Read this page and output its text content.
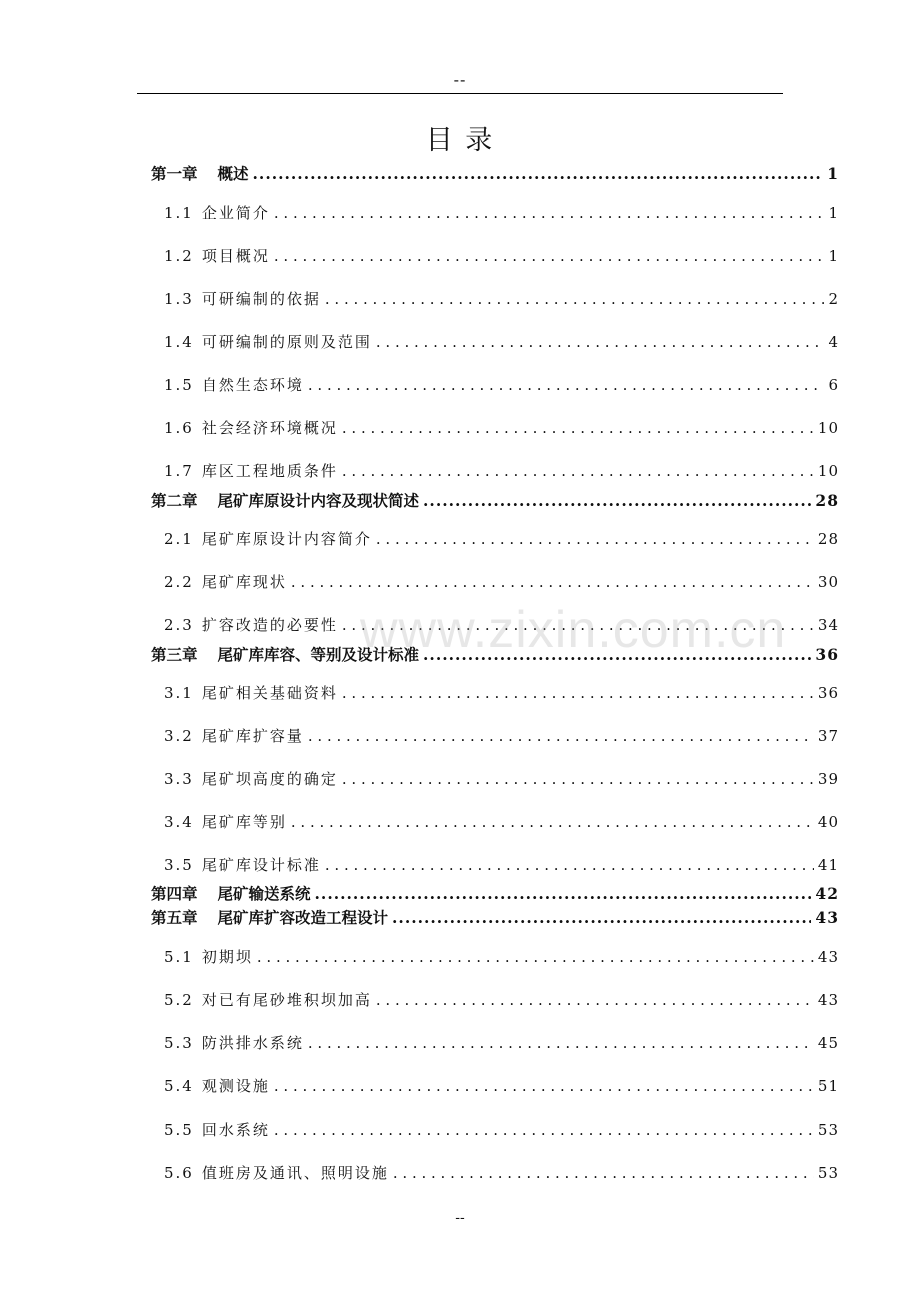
--
目 录
第一章 概述 .....	1
1.1 企业简介 . . .	1
1.2 项目概况 . . .	1
1.3 可研编制的依据 . . .	2
1.4 可研编制的原则及范围 . . .	4
1.5 自然生态环境 . . .	6
1.6 社会经济环境概况 . . .	10
1.7 库区工程地质条件 . . .	10
第二章 尾矿库原设计内容及现状简述 .....	28
2.1 尾矿库原设计内容简介 . . .	28
2.2 尾矿库现状 . . .	30
2.3 扩容改造的必要性 . . .	34
第三章 尾矿库库容、等别及设计标准 .....	36
3.1 尾矿相关基础资料 . . .	36
3.2 尾矿库扩容量 . . .	37
3.3 尾矿坝高度的确定 . . .	39
3.4 尾矿库等别 . . .	40
3.5 尾矿库设计标准 . . .	41
第四章 尾矿输送系统 .....	42
第五章 尾矿库扩容改造工程设计 .....	43
5.1 初期坝 . . .	43
5.2 对已有尾砂堆积坝加高 . . .	43
5.3 防洪排水系统 . . .	45
5.4 观测设施 . . .	51
5.5 回水系统 . . .	53
5.6 值班房及通讯、照明设施 . . .	53
www.zixin.com.cn
--
